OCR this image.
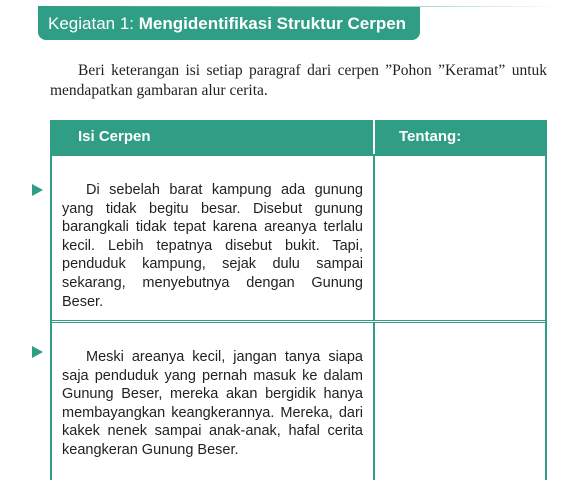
Kegiatan 1: Mengidentifikasi Struktur Cerpen

Beri keterangan isi setiap paragraf dari cerpen ”Pohon ”Keramat” untuk mendapatkan gambaran alur cerita.

Isi Cerpen	Tentang:

Di sebelah barat kampung ada gunung yang tidak begitu besar. Disebut gunung barangkali tidak tepat karena areanya terlalu kecil. Lebih tepatnya disebut bukit. Tapi, penduduk kampung, sejak dulu sampai sekarang, menyebutnya dengan Gunung Beser.

Meski areanya kecil, jangan tanya siapa saja penduduk yang pernah masuk ke dalam Gunung Beser, mereka akan bergidik hanya membayangkan keangkerannya. Mereka, dari kakek nenek sampai anak-anak, hafal cerita keangkeran Gunung Beser.
